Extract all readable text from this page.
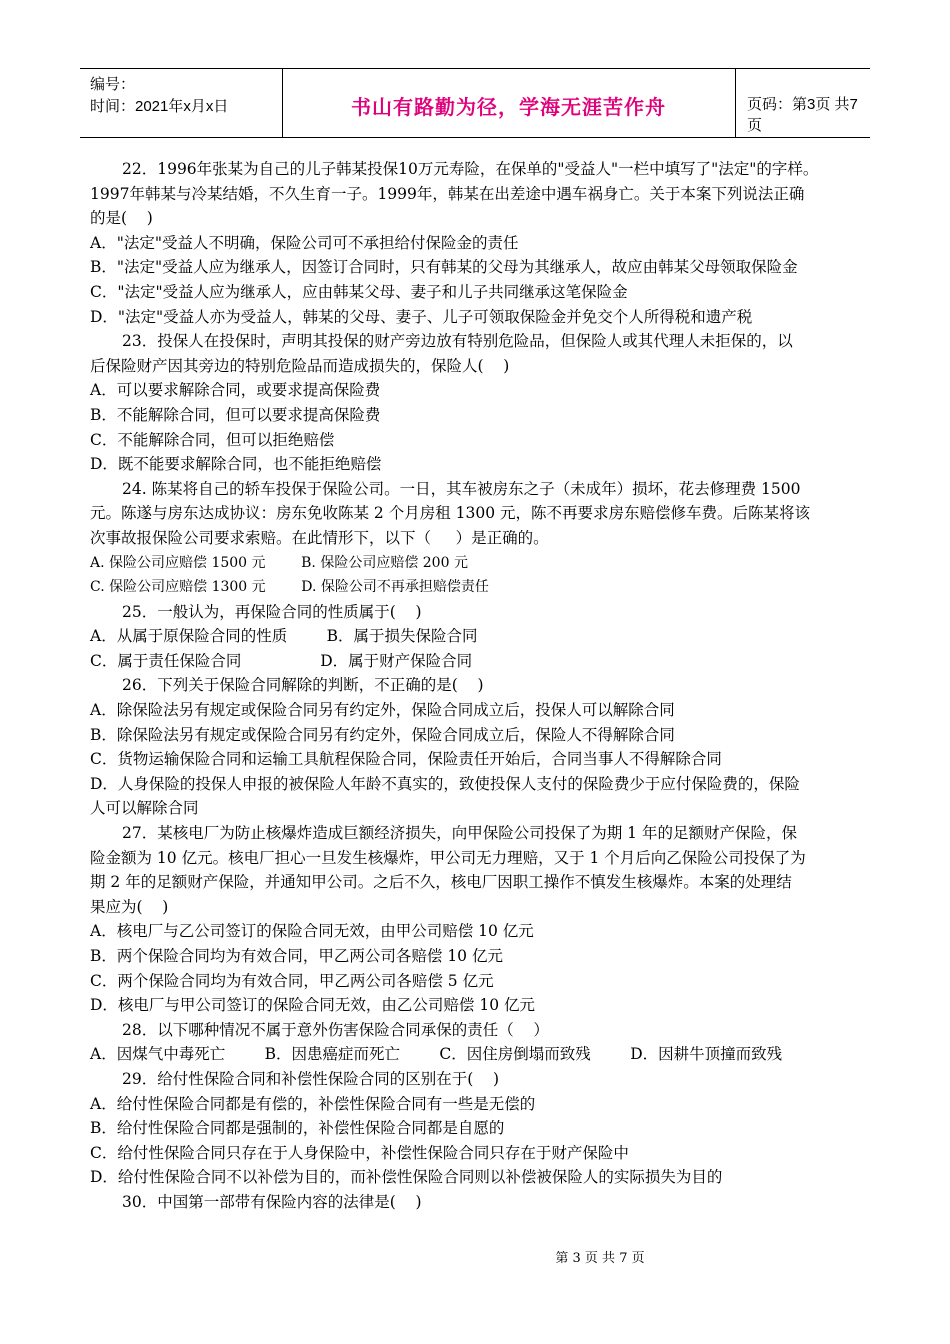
编号：
时间：2021年x月x日	书山有路勤为径，学海无涯苦作舟	页码：第3页 共7页
22．1996年张某为自己的儿子韩某投保10万元寿险，在保单的"受益人"一栏中填写了"法定"的字样。
1997年韩某与冷某结婚，不久生育一子。1999年，韩某在出差途中遇车祸身亡。关于本案下列说法正确
的是(    )
A．"法定"受益人不明确，保险公司可不承担给付保险金的责任
B．"法定"受益人应为继承人，因签订合同时，只有韩某的父母为其继承人，故应由韩某父母领取保险金
C．"法定"受益人应为继承人，应由韩某父母、妻子和儿子共同继承这笔保险金
D．"法定"受益人亦为受益人，韩某的父母、妻子、儿子可领取保险金并免交个人所得税和遗产税
23．投保人在投保时，声明其投保的财产旁边放有特别危险品，但保险人或其代理人未拒保的，以
后保险财产因其旁边的特别危险品而造成损失的，保险人(    )
A．可以要求解除合同，或要求提高保险费
B．不能解除合同，但可以要求提高保险费
C．不能解除合同，但可以拒绝赔偿
D．既不能要求解除合同，也不能拒绝赔偿
24. 陈某将自己的轿车投保于保险公司。一日，其车被房东之子（未成年）损坏，花去修理费 1500
元。陈遂与房东达成协议：房东免收陈某 2 个月房租 1300 元，陈不再要求房东赔偿修车费。后陈某将该
次事故报保险公司要求索赔。在此情形下，以下（     ）是正确的。
A. 保险公司应赔偿 1500 元        B. 保险公司应赔偿 200 元
C. 保险公司应赔偿 1300 元        D. 保险公司不再承担赔偿责任
25．一般认为，再保险合同的性质属于(    )
A．从属于原保险合同的性质        B．属于损失保险合同
C．属于责任保险合同                D．属于财产保险合同
26．下列关于保险合同解除的判断，不正确的是(    )
A．除保险法另有规定或保险合同另有约定外，保险合同成立后，投保人可以解除合同
B．除保险法另有规定或保险合同另有约定外，保险合同成立后，保险人不得解除合同
C．货物运输保险合同和运输工具航程保险合同，保险责任开始后，合同当事人不得解除合同
D．人身保险的投保人申报的被保险人年龄不真实的，致使投保人支付的保险费少于应付保险费的，保险
人可以解除合同
27．某核电厂为防止核爆炸造成巨额经济损失，向甲保险公司投保了为期 1 年的足额财产保险，保
险金额为 10 亿元。核电厂担心一旦发生核爆炸，甲公司无力理赔，又于 1 个月后向乙保险公司投保了为
期 2 年的足额财产保险，并通知甲公司。之后不久，核电厂因职工操作不慎发生核爆炸。本案的处理结
果应为(    )
A．核电厂与乙公司签订的保险合同无效，由甲公司赔偿 10 亿元
B．两个保险合同均为有效合同，甲乙两公司各赔偿 10 亿元
C．两个保险合同均为有效合同，甲乙两公司各赔偿 5 亿元
D．核电厂与甲公司签订的保险合同无效，由乙公司赔偿 10 亿元
28．以下哪种情况不属于意外伤害保险合同承保的责任（    ）
A．因煤气中毒死亡        B．因患癌症而死亡        C．因住房倒塌而致残        D．因耕牛顶撞而致残
29．给付性保险合同和补偿性保险合同的区别在于(    )
A．给付性保险合同都是有偿的，补偿性保险合同有一些是无偿的
B．给付性保险合同都是强制的，补偿性保险合同都是自愿的
C．给付性保险合同只存在于人身保险中，补偿性保险合同只存在于财产保险中
D．给付性保险合同不以补偿为目的，而补偿性保险合同则以补偿被保险人的实际损失为目的
30．中国第一部带有保险内容的法律是(    )
第 3 页 共 7 页
